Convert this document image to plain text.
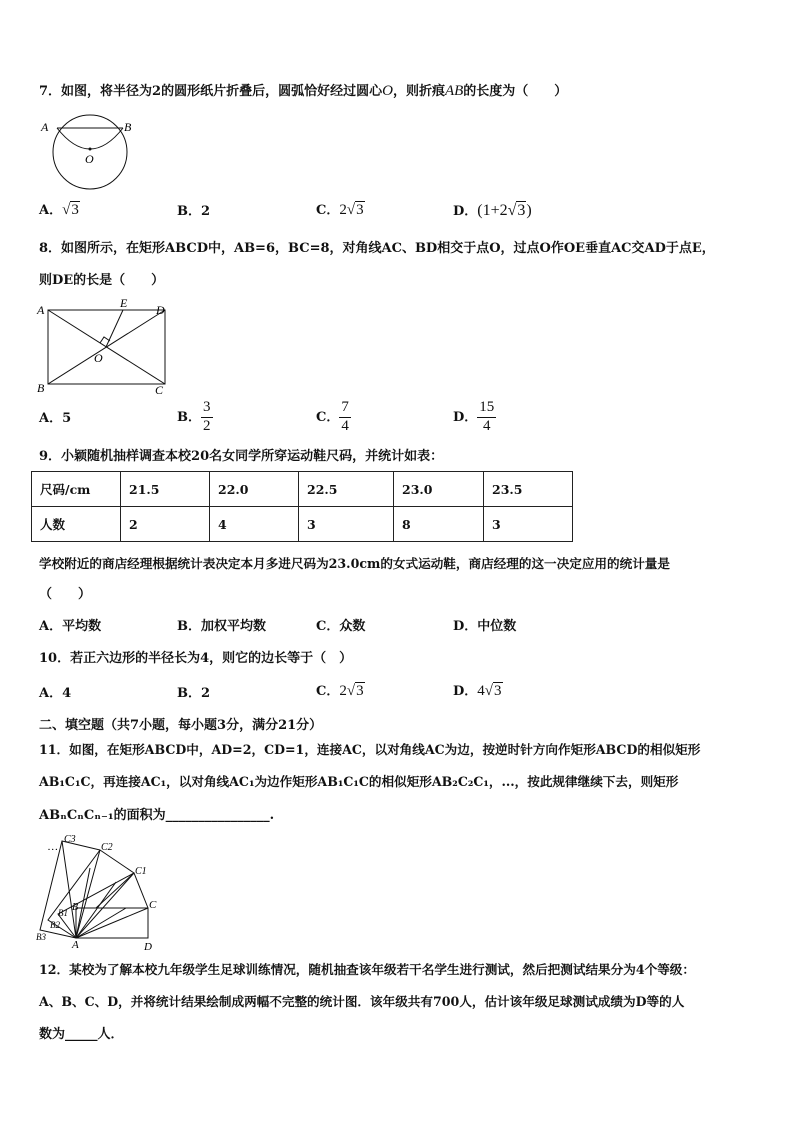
7．如图，将半径为2的圆形纸片折叠后，圆弧恰好经过圆心O，则折痕AB的长度为（　　）
A	B
O
A．√3	B．2	C．2√3	D．(1+2√3)
8．如图所示，在矩形ABCD中，AB=6，BC=8，对角线AC、BD相交于点O，过点O作OE垂直AC交AD于点E，
则DE的长是（　　）
A
B	C
D
E
O
A．5	B． $\frac{3}{2}$	C． $\frac{7}{4}$	D． $\frac{15}{4}$
9．小颖随机抽样调查本校20名女同学所穿运动鞋尺码，并统计如表：
尺码/cm	21.5	22.0	22.5	23.0	23.5
人数	2	4	3	8	3
学校附近的商店经理根据统计表决定本月多进尺码为23.0cm的女式运动鞋，商店经理的这一决定应用的统计量是
（　　）
A．平均数	B．加权平均数	C．众数	D．中位数
10．若正六边形的半径长为4，则它的边长等于（　）
A．4	B．2	C．2√3	D．4√3
二、填空题（共7小题，每小题3分，满分21分）
11．如图，在矩形ABCD中，AD=2，CD=1，连接AC，以对角线AC为边，按逆时针方向作矩形ABCD的相似矩形
AB₁C₁C，再连接AC₁，以对角线AC₁为边作矩形AB₁C₁C的相似矩形AB₂C₂C₁，...，按此规律继续下去，则矩形
ABₙCₙCₙ₋₁的面积为________________.
C3
…	C2
C1
C
B
B1
B2
B3
A	D
12．某校为了解本校九年级学生足球训练情况，随机抽查该年级若干名学生进行测试，然后把测试结果分为4个等级：
A、B、C、D，并将统计结果绘制成两幅不完整的统计图．该年级共有700人，估计该年级足球测试成绩为D等的人
数为_____人．
